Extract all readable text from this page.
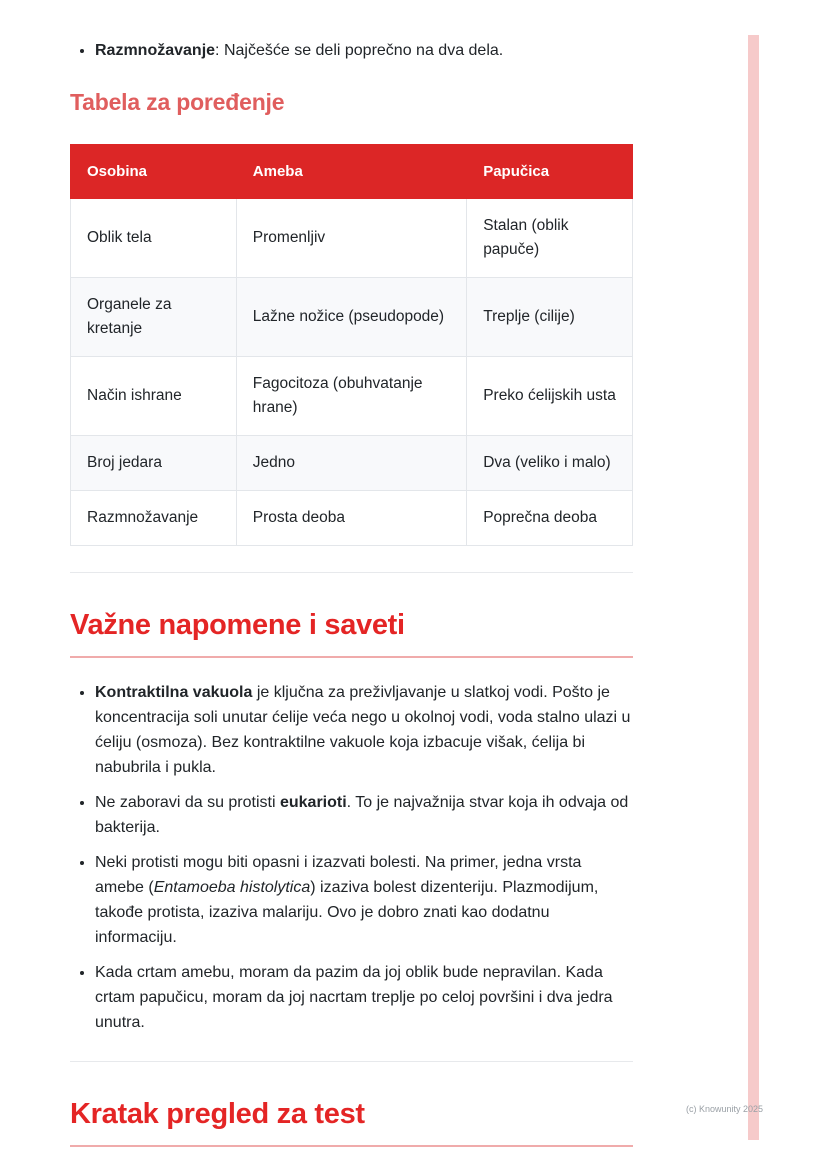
• Razmnožavanje: Najčešće se deli poprečno na dva dela.
Tabela za poređenje
Osobina	Ameba	Papučica
Oblik tela	Promenljiv	Stalan (oblik papuče)
Organele za kretanje	Lažne nožice (pseudopode)	Treplje (cilije)
Način ishrane	Fagocitoza (obuhvatanje hrane)	Preko ćelijskih usta
Broj jedara	Jedno	Dva (veliko i malo)
Razmnožavanje	Prosta deoba	Poprečna deoba
Važne napomene i saveti
• Kontraktilna vakuola je ključna za preživljavanje u slatkoj vodi. Pošto je koncentracija soli unutar ćelije veća nego u okolnoj vodi, voda stalno ulazi u ćeliju (osmoza). Bez kontraktilne vakuole koja izbacuje višak, ćelija bi nabubrila i pukla.
• Ne zaboravi da su protisti eukarioti. To je najvažnija stvar koja ih odvaja od bakterija.
• Neki protisti mogu biti opasni i izazvati bolesti. Na primer, jedna vrsta amebe (Entamoeba histolytica) izaziva bolest dizenteriju. Plazmodijum, takođe protista, izaziva malariju. Ovo je dobro znati kao dodatnu informaciju.
• Kada crtam amebu, moram da pazim da joj oblik bude nepravilan. Kada crtam papučicu, moram da joj nacrtam treplje po celoj površini i dva jedra unutra.
Kratak pregled za test	(c) Knowunity 2025
